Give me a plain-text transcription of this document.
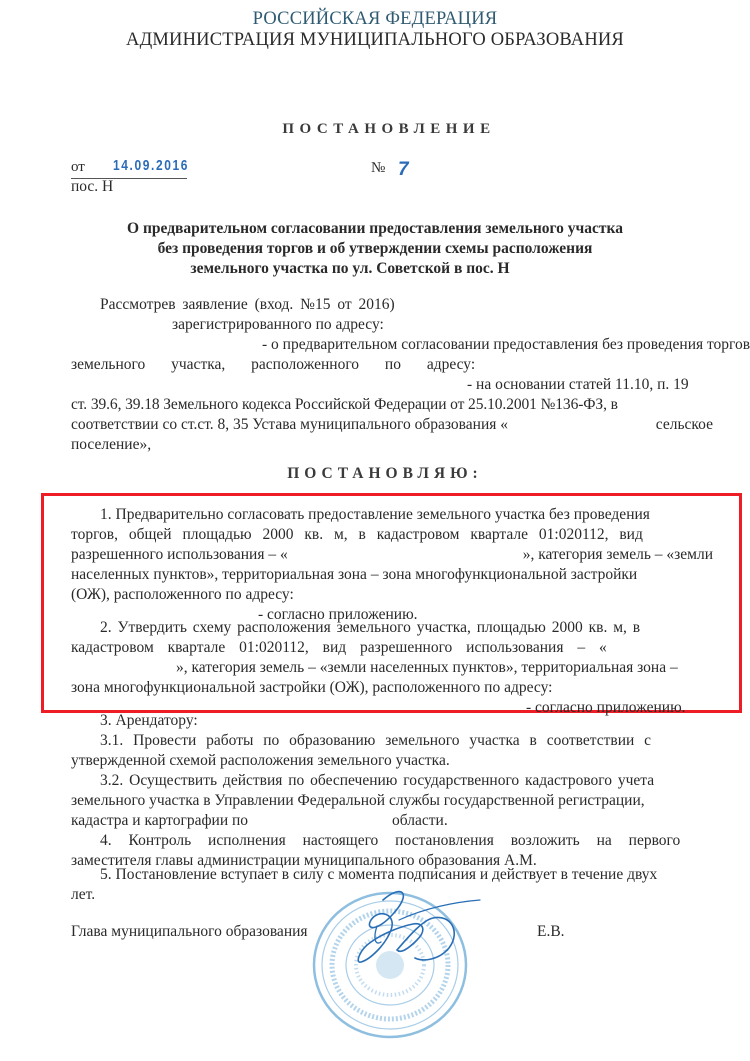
РОССИЙСКАЯ ФЕДЕРАЦИЯ
АДМИНИСТРАЦИЯ МУНИЦИПАЛЬНОГО ОБРАЗОВАНИЯ
ПОСТАНОВЛЕНИЕ
от 14.09.2016	№ 7
пос. Н
О предварительном согласовании предоставления земельного участка
без проведения торгов и об утверждении схемы расположения
земельного участка по ул. Советской в пос. Н
Рассмотрев заявление (вход. №15 от 2016)
зарегистрированного по адресу:
- о предварительном согласовании предоставления без проведения торгов
земельного участка, расположенного по адресу:
- на основании статей 11.10, п. 19
ст. 39.6, 39.18 Земельного кодекса Российской Федерации от 25.10.2001 №136-ФЗ, в
соответствии со ст.ст. 8, 35 Устава муниципального образования «	сельское
поселение»,
ПОСТАНОВЛЯЮ:
1. Предварительно согласовать предоставление земельного участка без проведения
торгов, общей площадью 2000 кв. м, в кадастровом квартале 01:020112, вид
разрешенного использования – «	», категория земель – «земли
населенных пунктов», территориальная зона – зона многофункциональной застройки
(ОЖ), расположенного по адресу:
- согласно приложению.
2. Утвердить схему расположения земельного участка, площадью 2000 кв. м, в
кадастровом квартале 01:020112, вид разрешенного использования – «
», категория земель – «земли населенных пунктов», территориальная зона –
зона многофункциональной застройки (ОЖ), расположенного по адресу:
- согласно приложению.
3. Арендатору:
3.1. Провести работы по образованию земельного участка в соответствии с
утвержденной схемой расположения земельного участка.
3.2. Осуществить действия по обеспечению государственного кадастрового учета
земельного участка в Управлении Федеральной службы государственной регистрации,
кадастра и картографии по	области.
4. Контроль исполнения настоящего постановления возложить на первого
заместителя главы администрации муниципального образования А.М.
5. Постановление вступает в силу с момента подписания и действует в течение двух
лет.
Глава муниципального образования	Е.В.
